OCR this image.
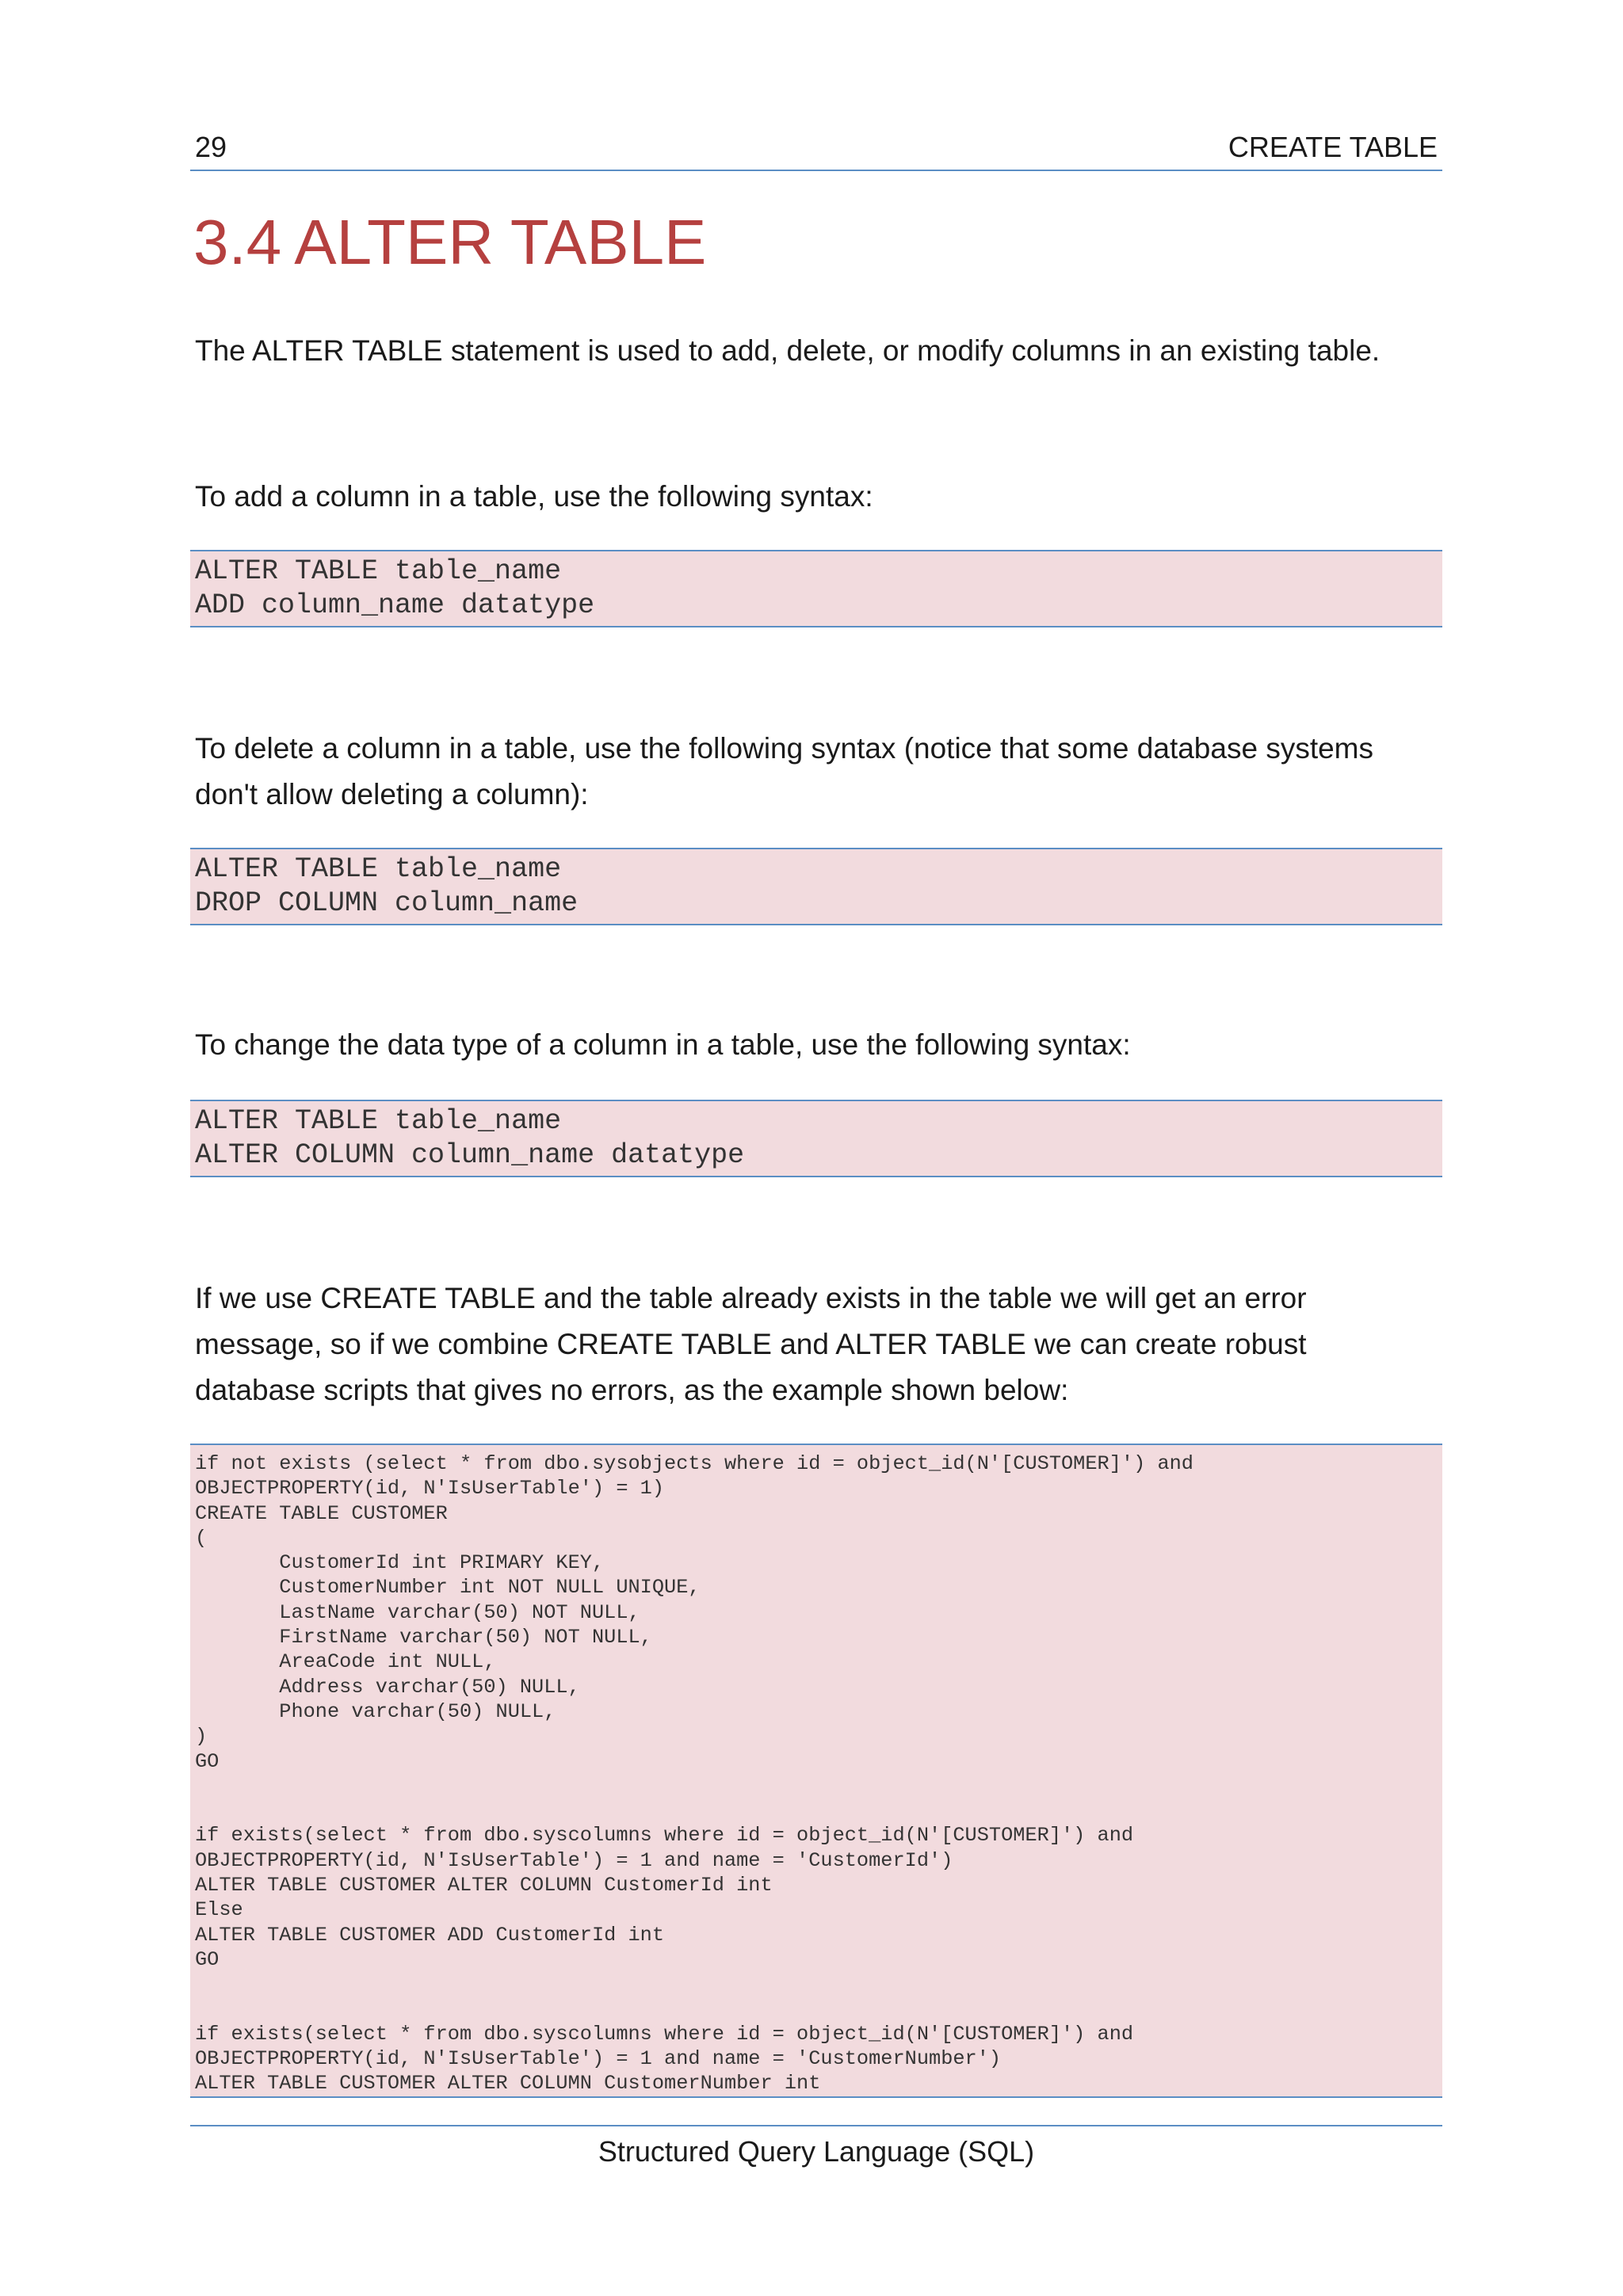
29	CREATE TABLE
3.4 ALTER TABLE

The ALTER TABLE statement is used to add, delete, or modify columns in an existing table.

To add a column in a table, use the following syntax:

ALTER TABLE table_name
ADD column_name datatype

To delete a column in a table, use the following syntax (notice that some database systems don't allow deleting a column):

ALTER TABLE table_name
DROP COLUMN column_name

To change the data type of a column in a table, use the following syntax:

ALTER TABLE table_name
ALTER COLUMN column_name datatype

If we use CREATE TABLE and the table already exists in the table we will get an error message, so if we combine CREATE TABLE and ALTER TABLE we can create robust database scripts that gives no errors, as the example shown below:

if not exists (select * from dbo.sysobjects where id = object_id(N'[CUSTOMER]') and
OBJECTPROPERTY(id, N'IsUserTable') = 1)
CREATE TABLE CUSTOMER
(
CustomerId int PRIMARY KEY,
CustomerNumber int NOT NULL UNIQUE,
LastName varchar(50) NOT NULL,
FirstName varchar(50) NOT NULL,
AreaCode int NULL,
Address varchar(50) NULL,
Phone varchar(50) NULL,
)
GO

if exists(select * from dbo.syscolumns where id = object_id(N'[CUSTOMER]') and
OBJECTPROPERTY(id, N'IsUserTable') = 1 and name = 'CustomerId')
ALTER TABLE CUSTOMER ALTER COLUMN CustomerId int
Else
ALTER TABLE CUSTOMER ADD CustomerId int
GO

if exists(select * from dbo.syscolumns where id = object_id(N'[CUSTOMER]') and
OBJECTPROPERTY(id, N'IsUserTable') = 1 and name = 'CustomerNumber')
ALTER TABLE CUSTOMER ALTER COLUMN CustomerNumber int
Structured Query Language (SQL)
